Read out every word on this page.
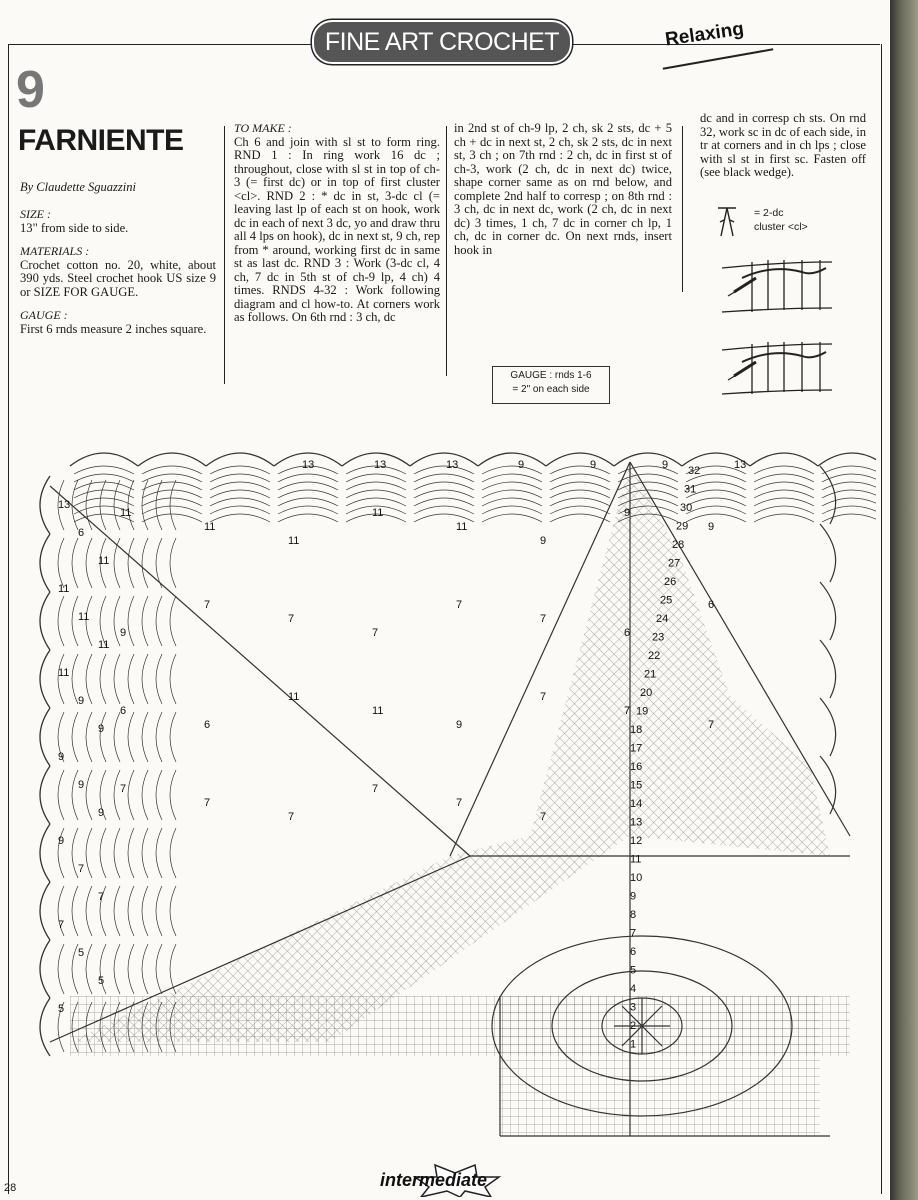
FINE ART CROCHET	Relaxing
9
FARNIENTE
By Claudette Sguazzini
SIZE :
13" from side to side.
MATERIALS :
Crochet cotton no. 20, white, about 390 yds. Steel crochet hook US size 9 or SIZE FOR GAUGE.
GAUGE :
First 6 rnds measure 2 inches square.
TO MAKE :
Ch 6 and join with sl st to form ring. RND 1 : In ring work 16 dc ; throughout, close with sl st in top of ch-3 (= first dc) or in top of first cluster <cl>. RND 2 : * dc in st, 3-dc cl (= leaving last lp of each st on hook, work dc in each of next 3 dc, yo and draw thru all 4 lps on hook), dc in next st, 9 ch, rep from * around, working first dc in same st as last dc. RND 3 : Work (3-dc cl, 4 ch, 7 dc in 5th st of ch-9 lp, 4 ch) 4 times. RNDS 4-32 : Work following diagram and cl how-to. At corners work as follows. On 6th rnd : 3 ch, dc
in 2nd st of ch-9 lp, 2 ch, sk 2 sts, dc + 5 ch + dc in next st, 2 ch, sk 2 sts, dc in next st, 3 ch ; on 7th rnd : 2 ch, dc in first st of ch-3, work (2 ch, dc in next dc) twice, shape corner same as on rnd below, and complete 2nd half to corresp ; on 8th rnd : 3 ch, dc in next dc, work (2 ch, dc in next dc) 3 times, 1 ch, 7 dc in corner ch lp, 1 ch, dc in corner dc. On next rnds, insert hook in
dc and in corresp ch sts. On rnd 32, work sc in dc of each side, in tr at corners and in ch lps ; close with sl st in first sc. Fasten off (see black wedge).
= 2-dc
cluster <cl>
GAUGE : rnds 1-6
= 2" on each side
13	13	13	9	9	9	13
32
31
30
29
28
27
26
25
24
23
22
21
20
19
18
17
16
15
14
13
12
11
10
9
8
7
6
5
4
3
2
1
13
6
11
11
11
11
11
9
9
9
9
9
9
7
7
7
5
5
5
11
11
11
11
11
9
9
9
9
7
7
7
7
7
6
6
6
6
11
11
9
7
7
7
7
7
7
7
7
7
intermediate
28
